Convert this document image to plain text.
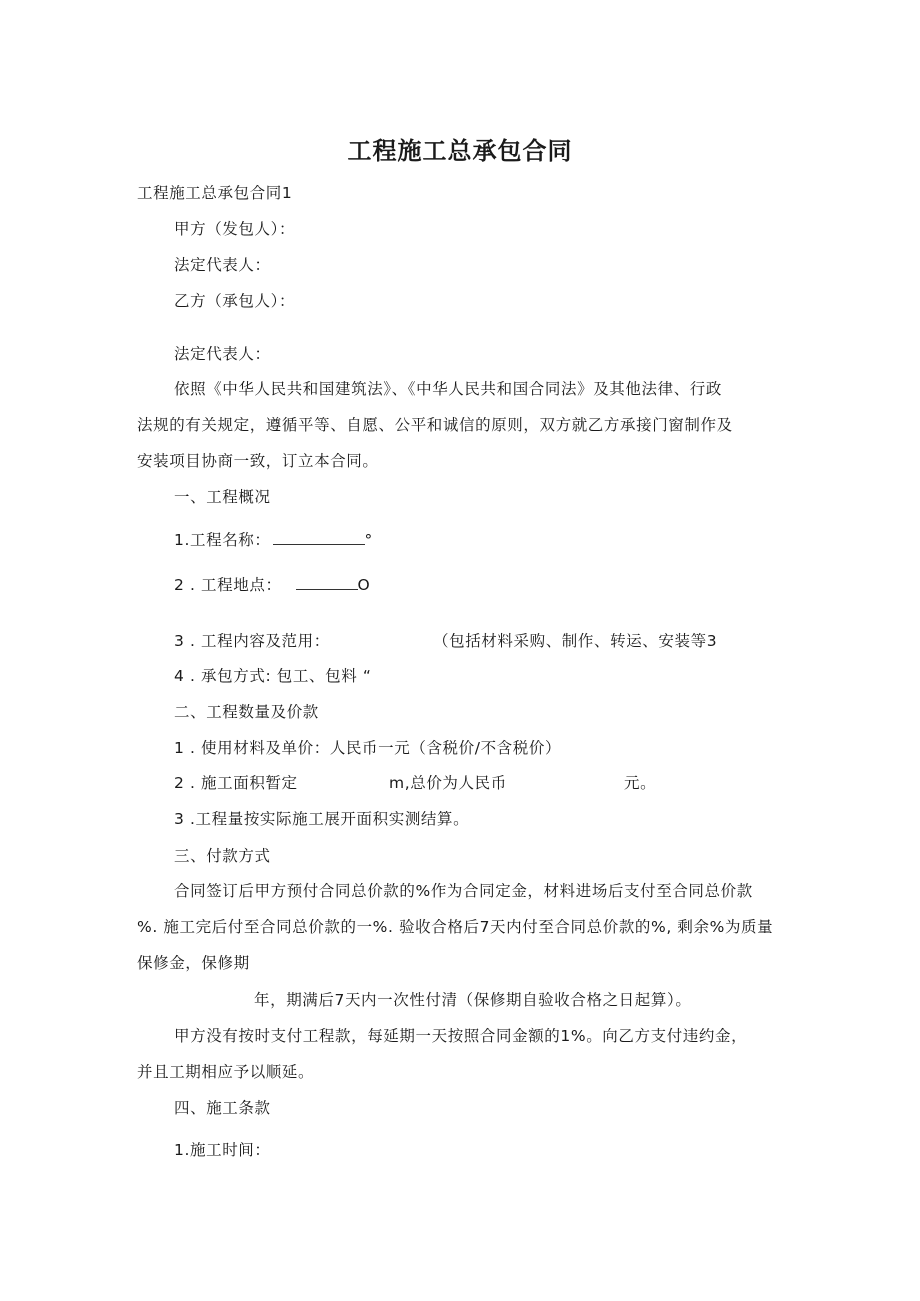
工程施工总承包合同
工程施工总承包合同1
甲方（发包人）：
法定代表人：
乙方（承包人）：
法定代表人：
依照《中华人民共和国建筑法》、《中华人民共和国合同法》及其他法律、行政
法规的有关规定，遵循平等、自愿、公平和诚信的原则，双方就乙方承接门窗制作及
安装项目协商一致，订立本合同。
一、工程概况
1.工程名称：	°
2 . 工程地点：	O
3 . 工程内容及范用：	（包括材料采购、制作、转运、安装等3
4 . 承包方式: 包工、包料 “
二、工程数量及价款
1 . 使用材料及单价：人民币一元（含税价/不含税价）
2 . 施工面积暂定	m,总价为人民币	元。
3 .工程量按实际施工展开面积实测结算。
三、付款方式
合同签订后甲方预付合同总价款的%作为合同定金，材料进场后支付至合同总价款
%. 施工完后付至合同总价款的一%. 验收合格后7天内付至合同总价款的%, 剩余%为质量
保修金，保修期
年，期满后7天内一次性付清（保修期自验收合格之日起算）。
甲方没有按时支付工程款，每延期一天按照合同金额的1%。向乙方支付违约金，
并且工期相应予以顺延。
四、施工条款
1.施工时间：
